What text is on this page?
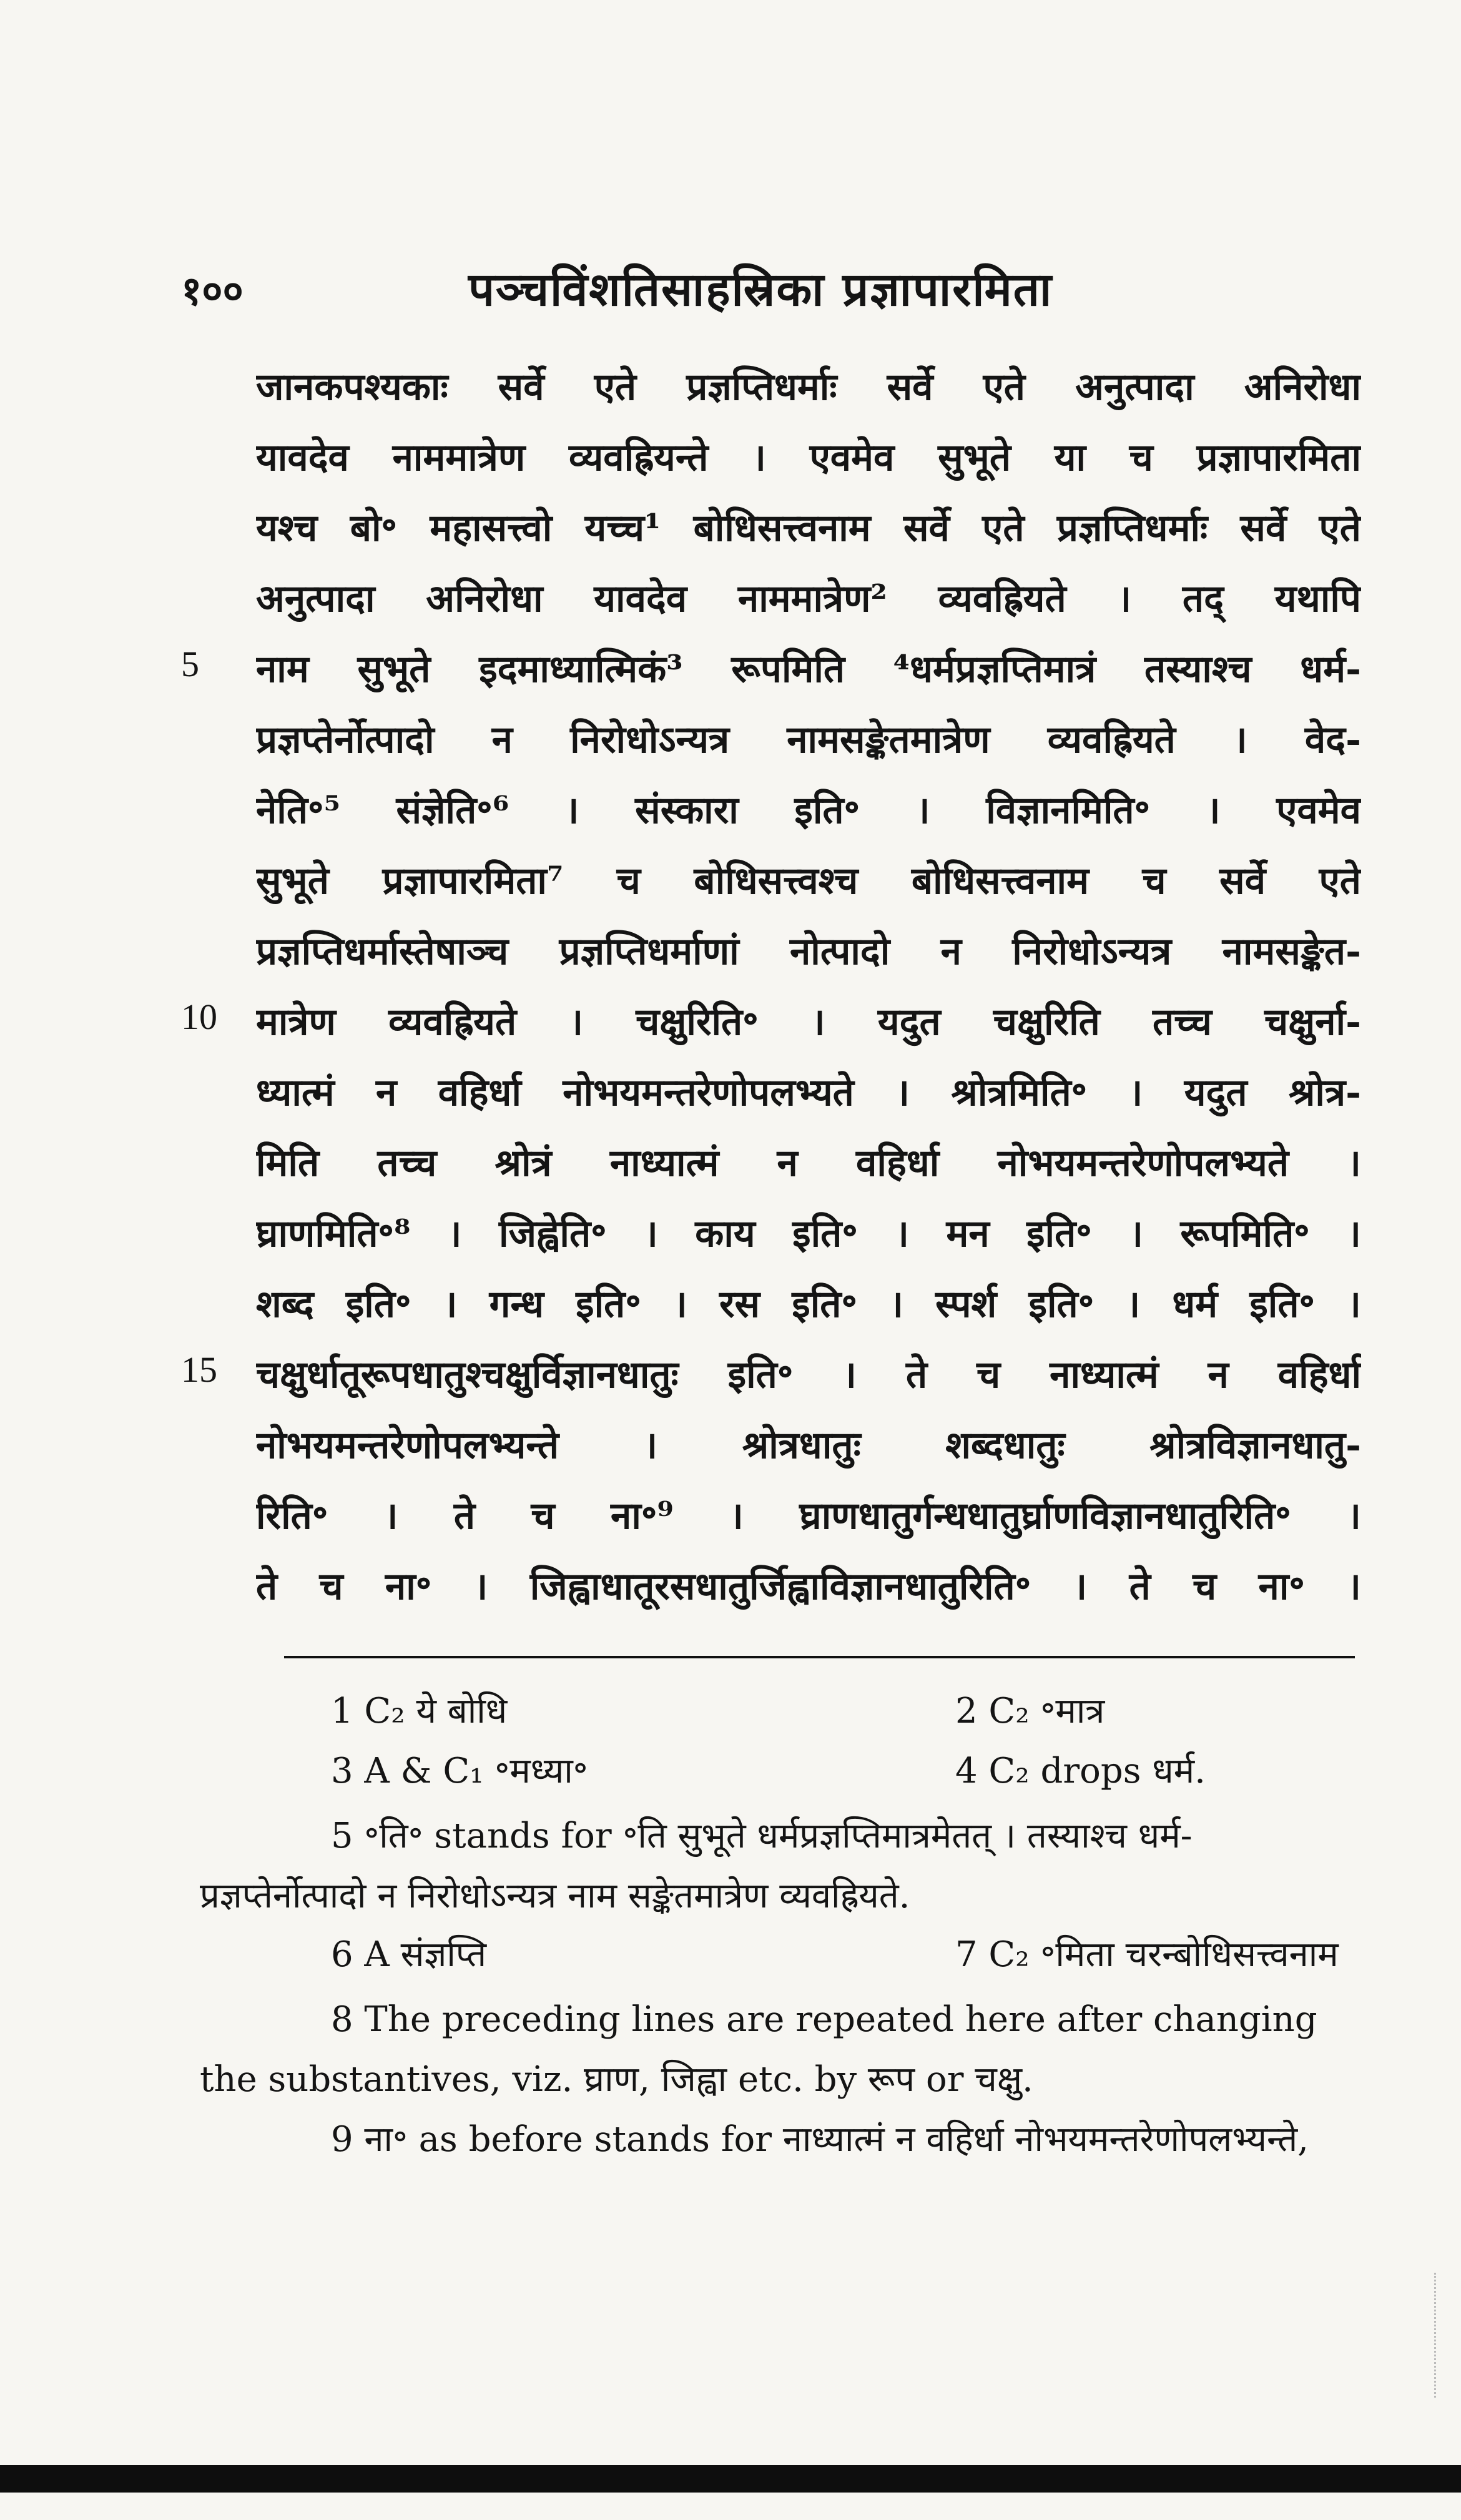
१००	पञ्चविंशतिसाहस्रिका प्रज्ञापारमिता
जानकपश्यकाः सर्वे एते प्रज्ञप्तिधर्माः सर्वे एते अनुत्पादा अनिरोधा
यावदेव नाममात्रेण व्यवह्रियन्ते । एवमेव सुभूते या च प्रज्ञापारमिता
यश्च बो॰ महासत्त्वो यच्च¹ बोधिसत्त्वनाम सर्वे एते प्रज्ञप्तिधर्माः सर्वे एते
अनुत्पादा अनिरोधा यावदेव नाममात्रेण² व्यवह्रियते । तद् यथापि
5	नाम सुभूते इदमाध्यात्मिकं³ रूपमिति ⁴धर्मप्रज्ञप्तिमात्रं तस्याश्च धर्म-
प्रज्ञप्तेर्नोत्पादो न निरोधोऽन्यत्र नामसङ्केतमात्रेण व्यवह्रियते । वेद-
नेति॰⁵ संज्ञेति॰⁶ । संस्कारा इति॰ । विज्ञानमिति॰ । एवमेव
सुभूते प्रज्ञापारमिता⁷ च बोधिसत्त्वश्च बोधिसत्त्वनाम च सर्वे एते
प्रज्ञप्तिधर्मास्तेषाञ्च प्रज्ञप्तिधर्माणां नोत्पादो न निरोधोऽन्यत्र नामसङ्केत-
10	मात्रेण व्यवह्रियते । चक्षुरिति॰ । यदुत चक्षुरिति तच्च चक्षुर्ना-
ध्यात्मं न वहिर्धा नोभयमन्तरेणोपलभ्यते । श्रोत्रमिति॰ । यदुत श्रोत्र-
मिति तच्च श्रोत्रं नाध्यात्मं न वहिर्धा नोभयमन्तरेणोपलभ्यते ।
घ्राणमिति॰⁸ । जिह्वेति॰ । काय इति॰ । मन इति॰ । रूपमिति॰ ।
शब्द इति॰ । गन्ध इति॰ । रस इति॰ । स्पर्श इति॰ । धर्म इति॰ ।
15	चक्षुर्धातूरूपधातुश्चक्षुर्विज्ञानधातुः इति॰ । ते च नाध्यात्मं न वहिर्धा
नोभयमन्तरेणोपलभ्यन्ते । श्रोत्रधातुः शब्दधातुः श्रोत्रविज्ञानधातु-
रिति॰ । ते च ना॰⁹ । घ्राणधातुर्गन्धधातुर्घ्राणविज्ञानधातुरिति॰ ।
ते च ना॰ । जिह्वाधातूरसधातुर्जिह्वाविज्ञानधातुरिति॰ । ते च ना॰ ।
1 C₂ ये बोधि	2 C₂ ॰मात्र
3 A & C₁ ॰मध्या॰	4 C₂ drops धर्म.
5 ॰ति॰ stands for ॰ति सुभूते धर्मप्रज्ञप्तिमात्रमेतत् । तस्याश्च धर्म-
प्रज्ञप्तेर्नोत्पादो न निरोधोऽन्यत्र नाम सङ्केतमात्रेण व्यवह्रियते.
6 A संज्ञप्ति	7 C₂ ॰मिता चरन्बोधिसत्त्वनाम
8 The preceding lines are repeated here after changing
the substantives, viz. घ्राण, जिह्वा etc. by रूप or चक्षु.
9 ना॰ as before stands for नाध्यात्मं न वहिर्धा नोभयमन्तरेणोपलभ्यन्ते,
